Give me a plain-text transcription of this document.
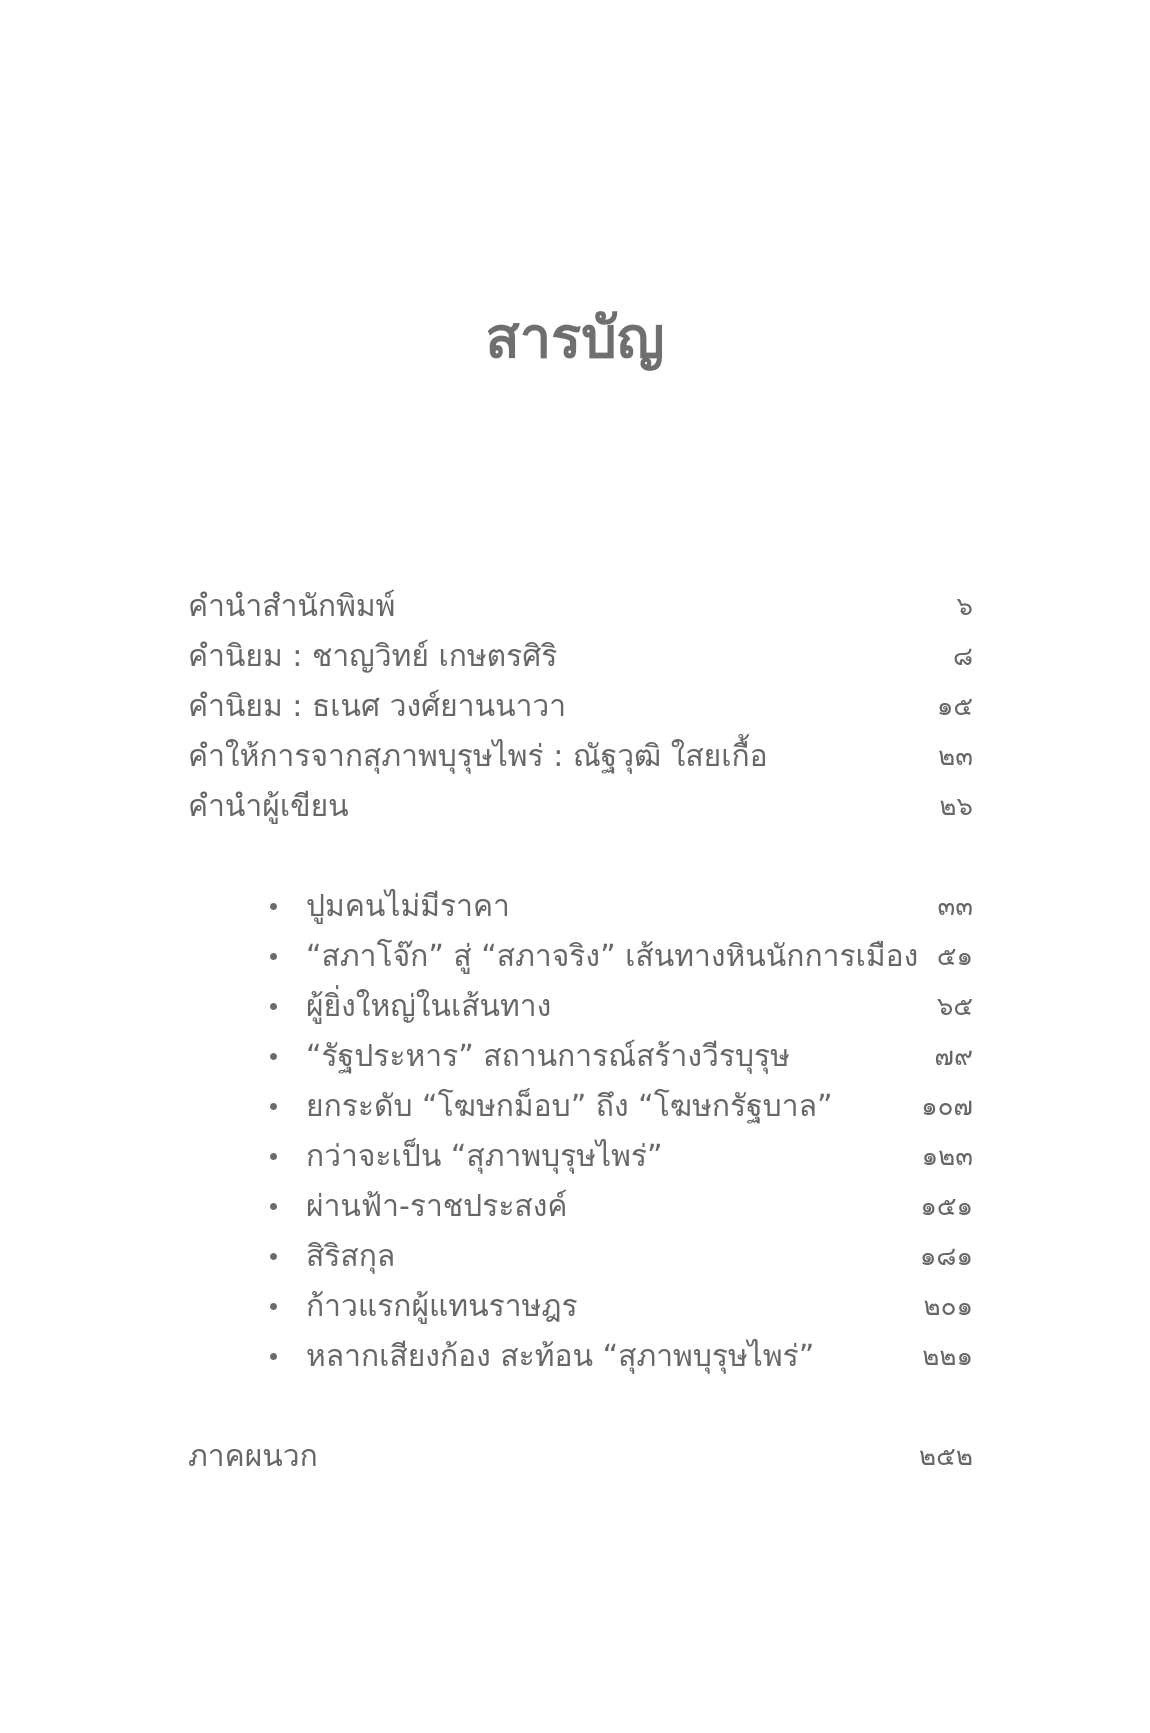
สารบัญ
คำนำสำนักพิมพ์	๖
คำนิยม : ชาญวิทย์ เกษตรศิริ	๘
คำนิยม : ธเนศ วงศ์ยานนาวา	๑๕
คำให้การจากสุภาพบุรุษไพร่ : ณัฐวุฒิ ใสยเกื้อ	๒๓
คำนำผู้เขียน	๒๖
ปูมคนไม่มีราคา	๓๓
“สภาโจ๊ก” สู่ “สภาจริง” เส้นทางหินนักการเมือง ๕๑
ผู้ยิ่งใหญ่ในเส้นทาง	๖๕
“รัฐประหาร” สถานการณ์สร้างวีรบุรุษ	๗๙
ยกระดับ “โฆษกม็อบ” ถึง “โฆษกรัฐบาล”	๑๐๗
กว่าจะเป็น “สุภาพบุรุษไพร่”	๑๒๓
ผ่านฟ้า-ราชประสงค์	๑๕๑
สิริสกุล	๑๘๑
ก้าวแรกผู้แทนราษฎร	๒๐๑
หลากเสียงก้อง สะท้อน “สุภาพบุรุษไพร่”	๒๒๑
ภาคผนวก	๒๕๒
